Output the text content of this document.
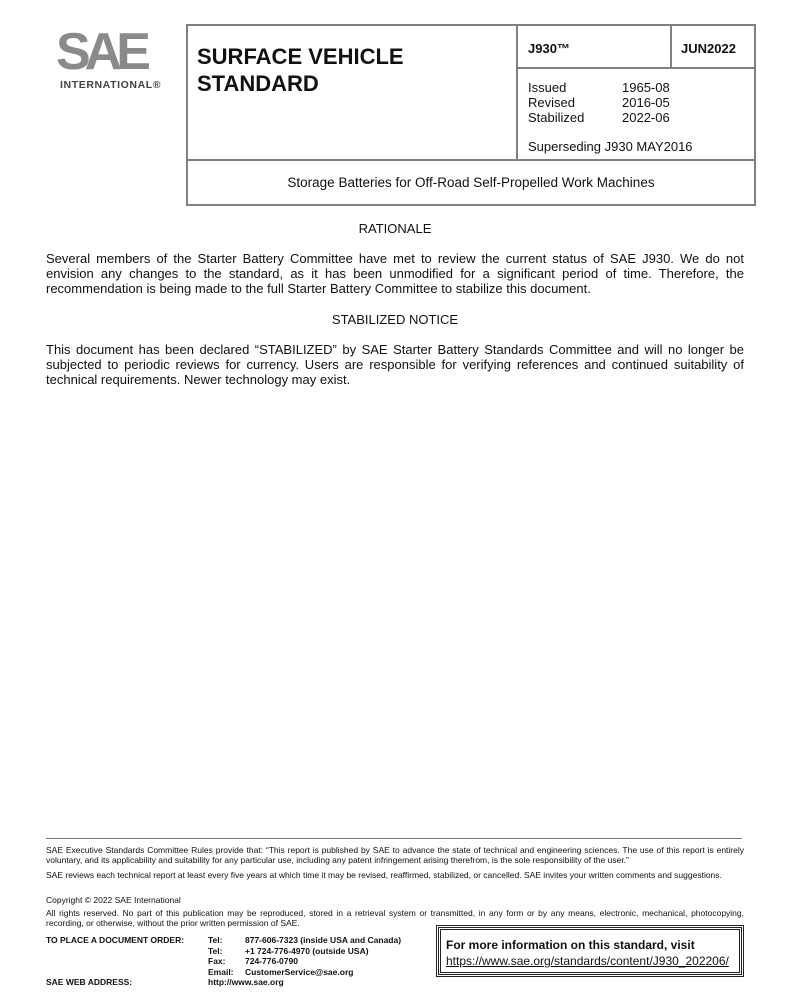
SAE
INTERNATIONAL®
SURFACE VEHICLE STANDARD
J930™	JUN2022
Issued	1965-08
Revised	2016-05
Stabilized	2022-06
Superseding J930 MAY2016
Storage Batteries for Off-Road Self-Propelled Work Machines
RATIONALE
Several members of the Starter Battery Committee have met to review the current status of SAE J930. We do not envision any changes to the standard, as it has been unmodified for a significant period of time. Therefore, the recommendation is being made to the full Starter Battery Committee to stabilize this document.
STABILIZED NOTICE
This document has been declared “STABILIZED” by SAE Starter Battery Standards Committee and will no longer be subjected to periodic reviews for currency. Users are responsible for verifying references and continued suitability of technical requirements. Newer technology may exist.
SAE Executive Standards Committee Rules provide that: “This report is published by SAE to advance the state of technical and engineering sciences. The use of this report is entirely voluntary, and its applicability and suitability for any particular use, including any patent infringement arising therefrom, is the sole responsibility of the user.”
SAE reviews each technical report at least every five years at which time it may be revised, reaffirmed, stabilized, or cancelled. SAE invites your written comments and suggestions.
Copyright © 2022 SAE International
All rights reserved. No part of this publication may be reproduced, stored in a retrieval system or transmitted, in any form or by any means, electronic, mechanical, photocopying, recording, or otherwise, without the prior written permission of SAE.
TO PLACE A DOCUMENT ORDER:	Tel:	877-606-7323 (inside USA and Canada)
Tel:	+1 724-776-4970 (outside USA)
Fax:	724-776-0790
Email:	CustomerService@sae.org
SAE WEB ADDRESS:	http://www.sae.org
For more information on this standard, visit
https://www.sae.org/standards/content/J930_202206/
